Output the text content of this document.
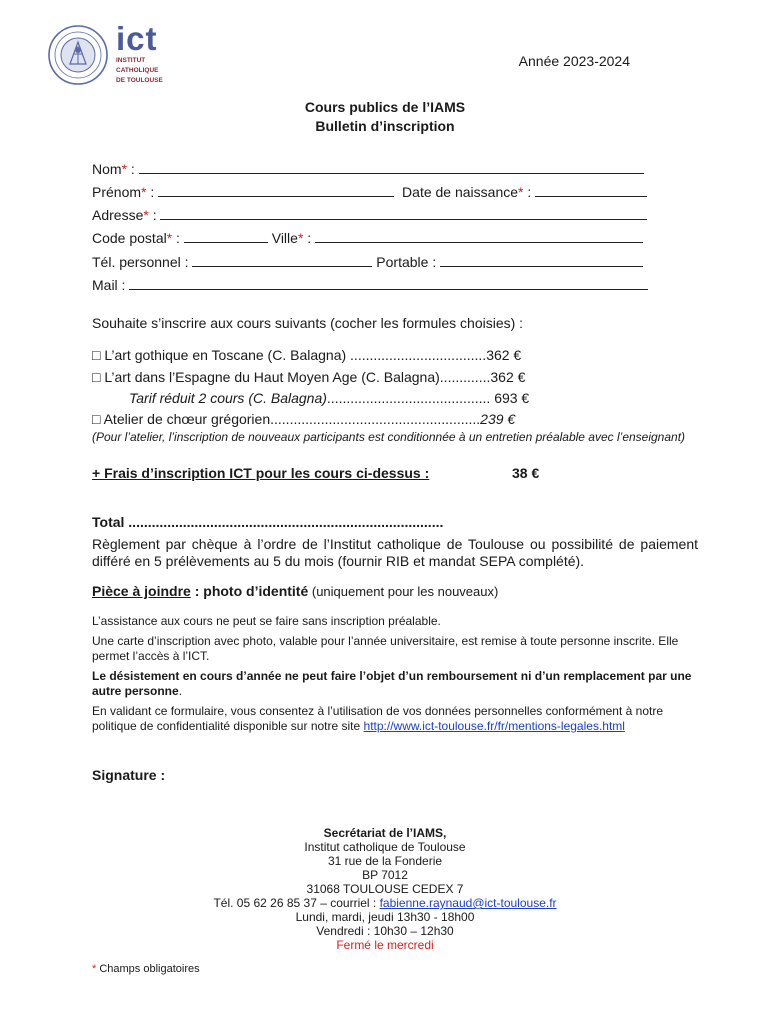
ict
INSTITUT
CATHOLIQUE
DE TOULOUSE
Année 2023-2024
Cours publics de l’IAMS
Bulletin d’inscription
Nom* :
Prénom* :	Date de naissance* :
Adresse* :
Code postal* :	Ville* :
Tél. personnel :	Portable :
Mail :
Souhaite s’inscrire aux cours suivants (cocher les formules choisies) :
□ L’art gothique en Toscane (C. Balagna) ...................................362 €
□ L’art dans l’Espagne du Haut Moyen Age (C. Balagna).............362 €
Tarif réduit 2 cours (C. Balagna).......................................... 693 €
□ Atelier de chœur grégorien......................................................239 €
(Pour l’atelier, l’inscription de nouveaux participants est conditionnée à un entretien préalable avec l’enseignant)
+ Frais d’inscription ICT pour les cours ci-dessus :	38 €
Total .................................................................................
Règlement par chèque à l’ordre de l’Institut catholique de Toulouse ou possibilité de paiement différé en 5 prélèvements au 5 du mois (fournir RIB et mandat SEPA complété).
Pièce à joindre : photo d’identité (uniquement pour les nouveaux)
L’assistance aux cours ne peut se faire sans inscription préalable.
Une carte d’inscription avec photo, valable pour l’année universitaire, est remise à toute personne inscrite. Elle permet l’accès à l’ICT.
Le désistement en cours d’année ne peut faire l’objet d’un remboursement ni d’un remplacement par une autre personne.
En validant ce formulaire, vous consentez à l’utilisation de vos données personnelles conformément à notre politique de confidentialité disponible sur notre site http://www.ict-toulouse.fr/fr/mentions-legales.html
Signature :
Secrétariat de l’IAMS,
Institut catholique de Toulouse
31 rue de la Fonderie
BP 7012
31068 TOULOUSE CEDEX 7
Tél. 05 62 26 85 37 – courriel : fabienne.raynaud@ict-toulouse.fr
Lundi, mardi, jeudi 13h30 - 18h00
Vendredi : 10h30 – 12h30
Fermé le mercredi
* Champs obligatoires
